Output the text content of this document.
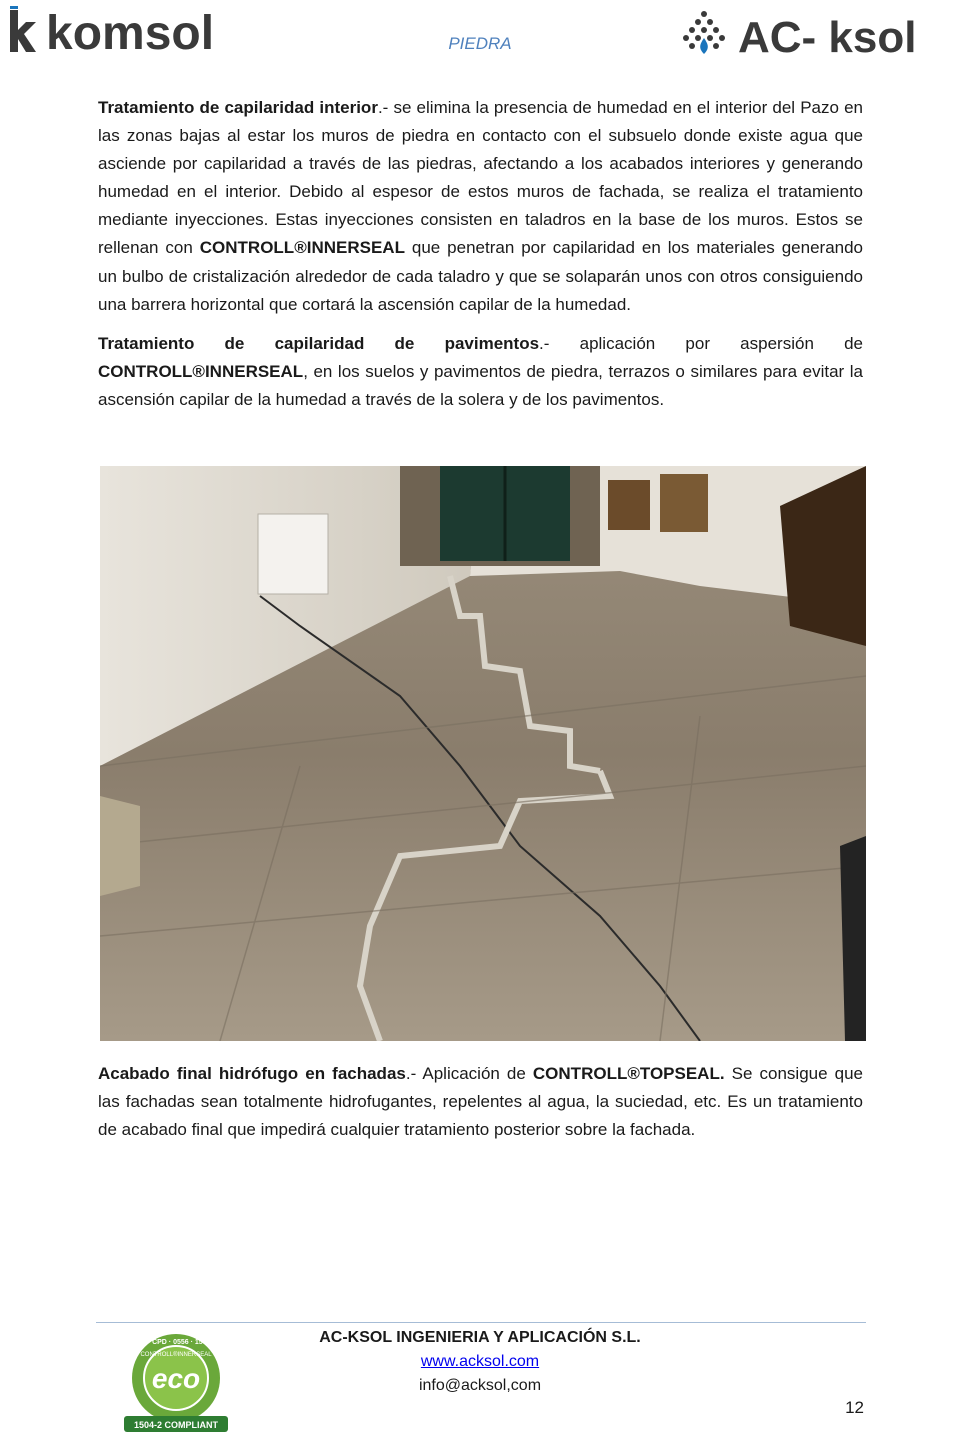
komsol	PIEDRA	AC- ksol

Tratamiento de capilaridad interior.- se elimina la presencia de humedad en el interior del Pazo en las zonas bajas al estar los muros de piedra en contacto con el subsuelo donde existe agua que asciende por capilaridad a través de las piedras, afectando a los acabados interiores y generando humedad en el interior. Debido al espesor de estos muros de fachada, se realiza el tratamiento mediante inyecciones. Estas inyecciones consisten en taladros en la base de los muros. Estos se rellenan con CONTROLL®INNERSEAL que penetran por capilaridad en los materiales generando un bulbo de cristalización alrededor de cada taladro y que se solaparán unos con otros consiguiendo una barrera horizontal que cortará la ascensión capilar de la humedad.

Tratamiento de capilaridad de pavimentos.- aplicación por aspersión de CONTROLL®INNERSEAL, en los suelos y pavimentos de piedra, terrazos o similares para evitar la ascensión capilar de la humedad a través de la solera y de los pavimentos.

Acabado final hidrófugo en fachadas.- Aplicación de CONTROLL®TOPSEAL. Se consigue que las fachadas sean totalmente hidrofugantes, repelentes al agua, la suciedad, etc. Es un tratamiento de acabado final que impedirá cualquier tratamiento posterior sobre la fachada.

1111 · CPD · 0556 · 1504 · 8
CONTROLL®INNERSEAL
eco
1504-2 COMPLIANT
AC-KSOL INGENIERIA Y APLICACIÓN S.L.
www.acksol.com
info@acksol,com
12
